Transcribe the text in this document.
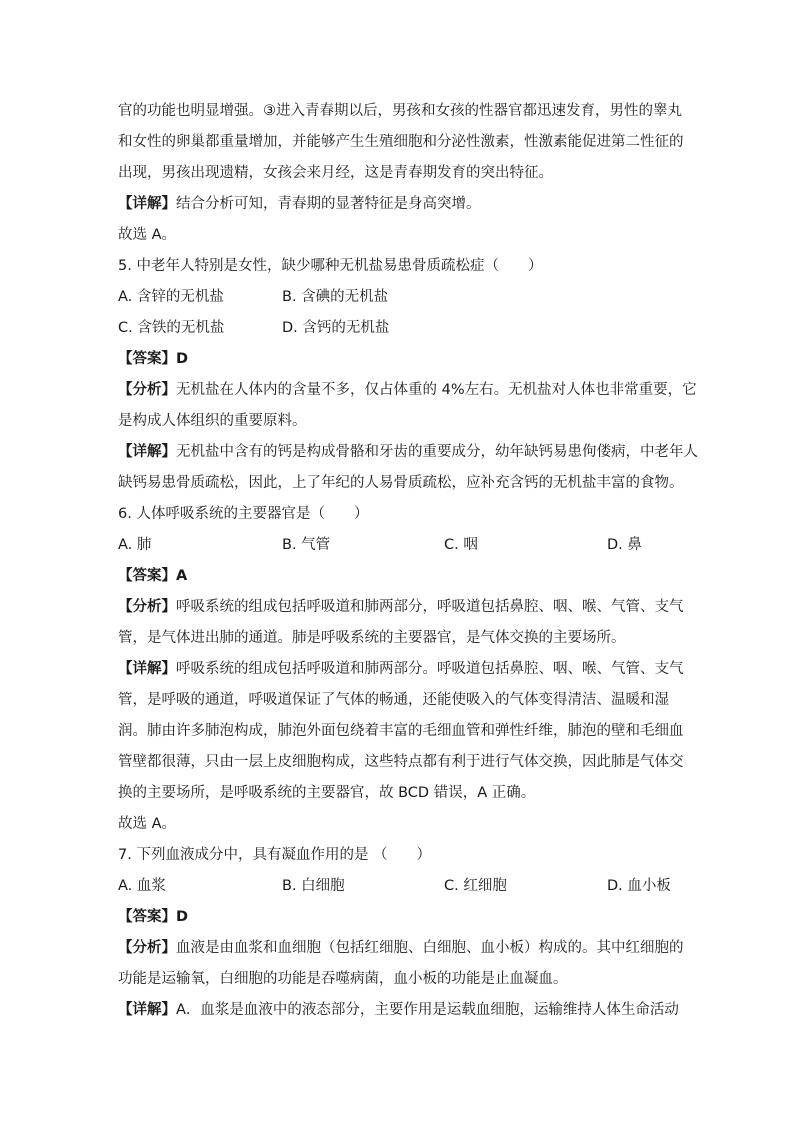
官的功能也明显增强。③进入青春期以后，男孩和女孩的性器官都迅速发育，男性的睾丸
和女性的卵巢都重量增加，并能够产生生殖细胞和分泌性激素，性激素能促进第二性征的
出现，男孩出现遗精，女孩会来月经，这是青春期发育的突出特征。
【详解】结合分析可知，青春期的显著特征是身高突增。
故选 A。
5. 中老年人特别是女性，缺少哪种无机盐易患骨质疏松症（　　）
A. 含锌的无机盐	B. 含碘的无机盐
C. 含铁的无机盐	D. 含钙的无机盐
【答案】D
【分析】无机盐在人体内的含量不多，仅占体重的 4%左右。无机盐对人体也非常重要，它
是构成人体组织的重要原料。
【详解】无机盐中含有的钙是构成骨骼和牙齿的重要成分，幼年缺钙易患佝偻病，中老年人
缺钙易患骨质疏松，因此，上了年纪的人易骨质疏松，应补充含钙的无机盐丰富的食物。
6. 人体呼吸系统的主要器官是（　　）
A. 肺	B. 气管	C. 咽	D. 鼻
【答案】A
【分析】呼吸系统的组成包括呼吸道和肺两部分，呼吸道包括鼻腔、咽、喉、气管、支气
管，是气体进出肺的通道。肺是呼吸系统的主要器官，是气体交换的主要场所。
【详解】呼吸系统的组成包括呼吸道和肺两部分。呼吸道包括鼻腔、咽、喉、气管、支气
管，是呼吸的通道，呼吸道保证了气体的畅通，还能使吸入的气体变得清洁、温暖和湿
润。肺由许多肺泡构成，肺泡外面包绕着丰富的毛细血管和弹性纤维，肺泡的壁和毛细血
管壁都很薄，只由一层上皮细胞构成，这些特点都有利于进行气体交换，因此肺是气体交
换的主要场所，是呼吸系统的主要器官，故 BCD 错误，A 正确。
故选 A。
7. 下列血液成分中，具有凝血作用的是 （　　）
A. 血浆	B. 白细胞	C. 红细胞	D. 血小板
【答案】D
【分析】血液是由血浆和血细胞（包括红细胞、白细胞、血小板）构成的。其中红细胞的
功能是运输氧，白细胞的功能是吞噬病菌，血小板的功能是止血凝血。
【详解】A．血浆是血液中的液态部分，主要作用是运载血细胞，运输维持人体生命活动
